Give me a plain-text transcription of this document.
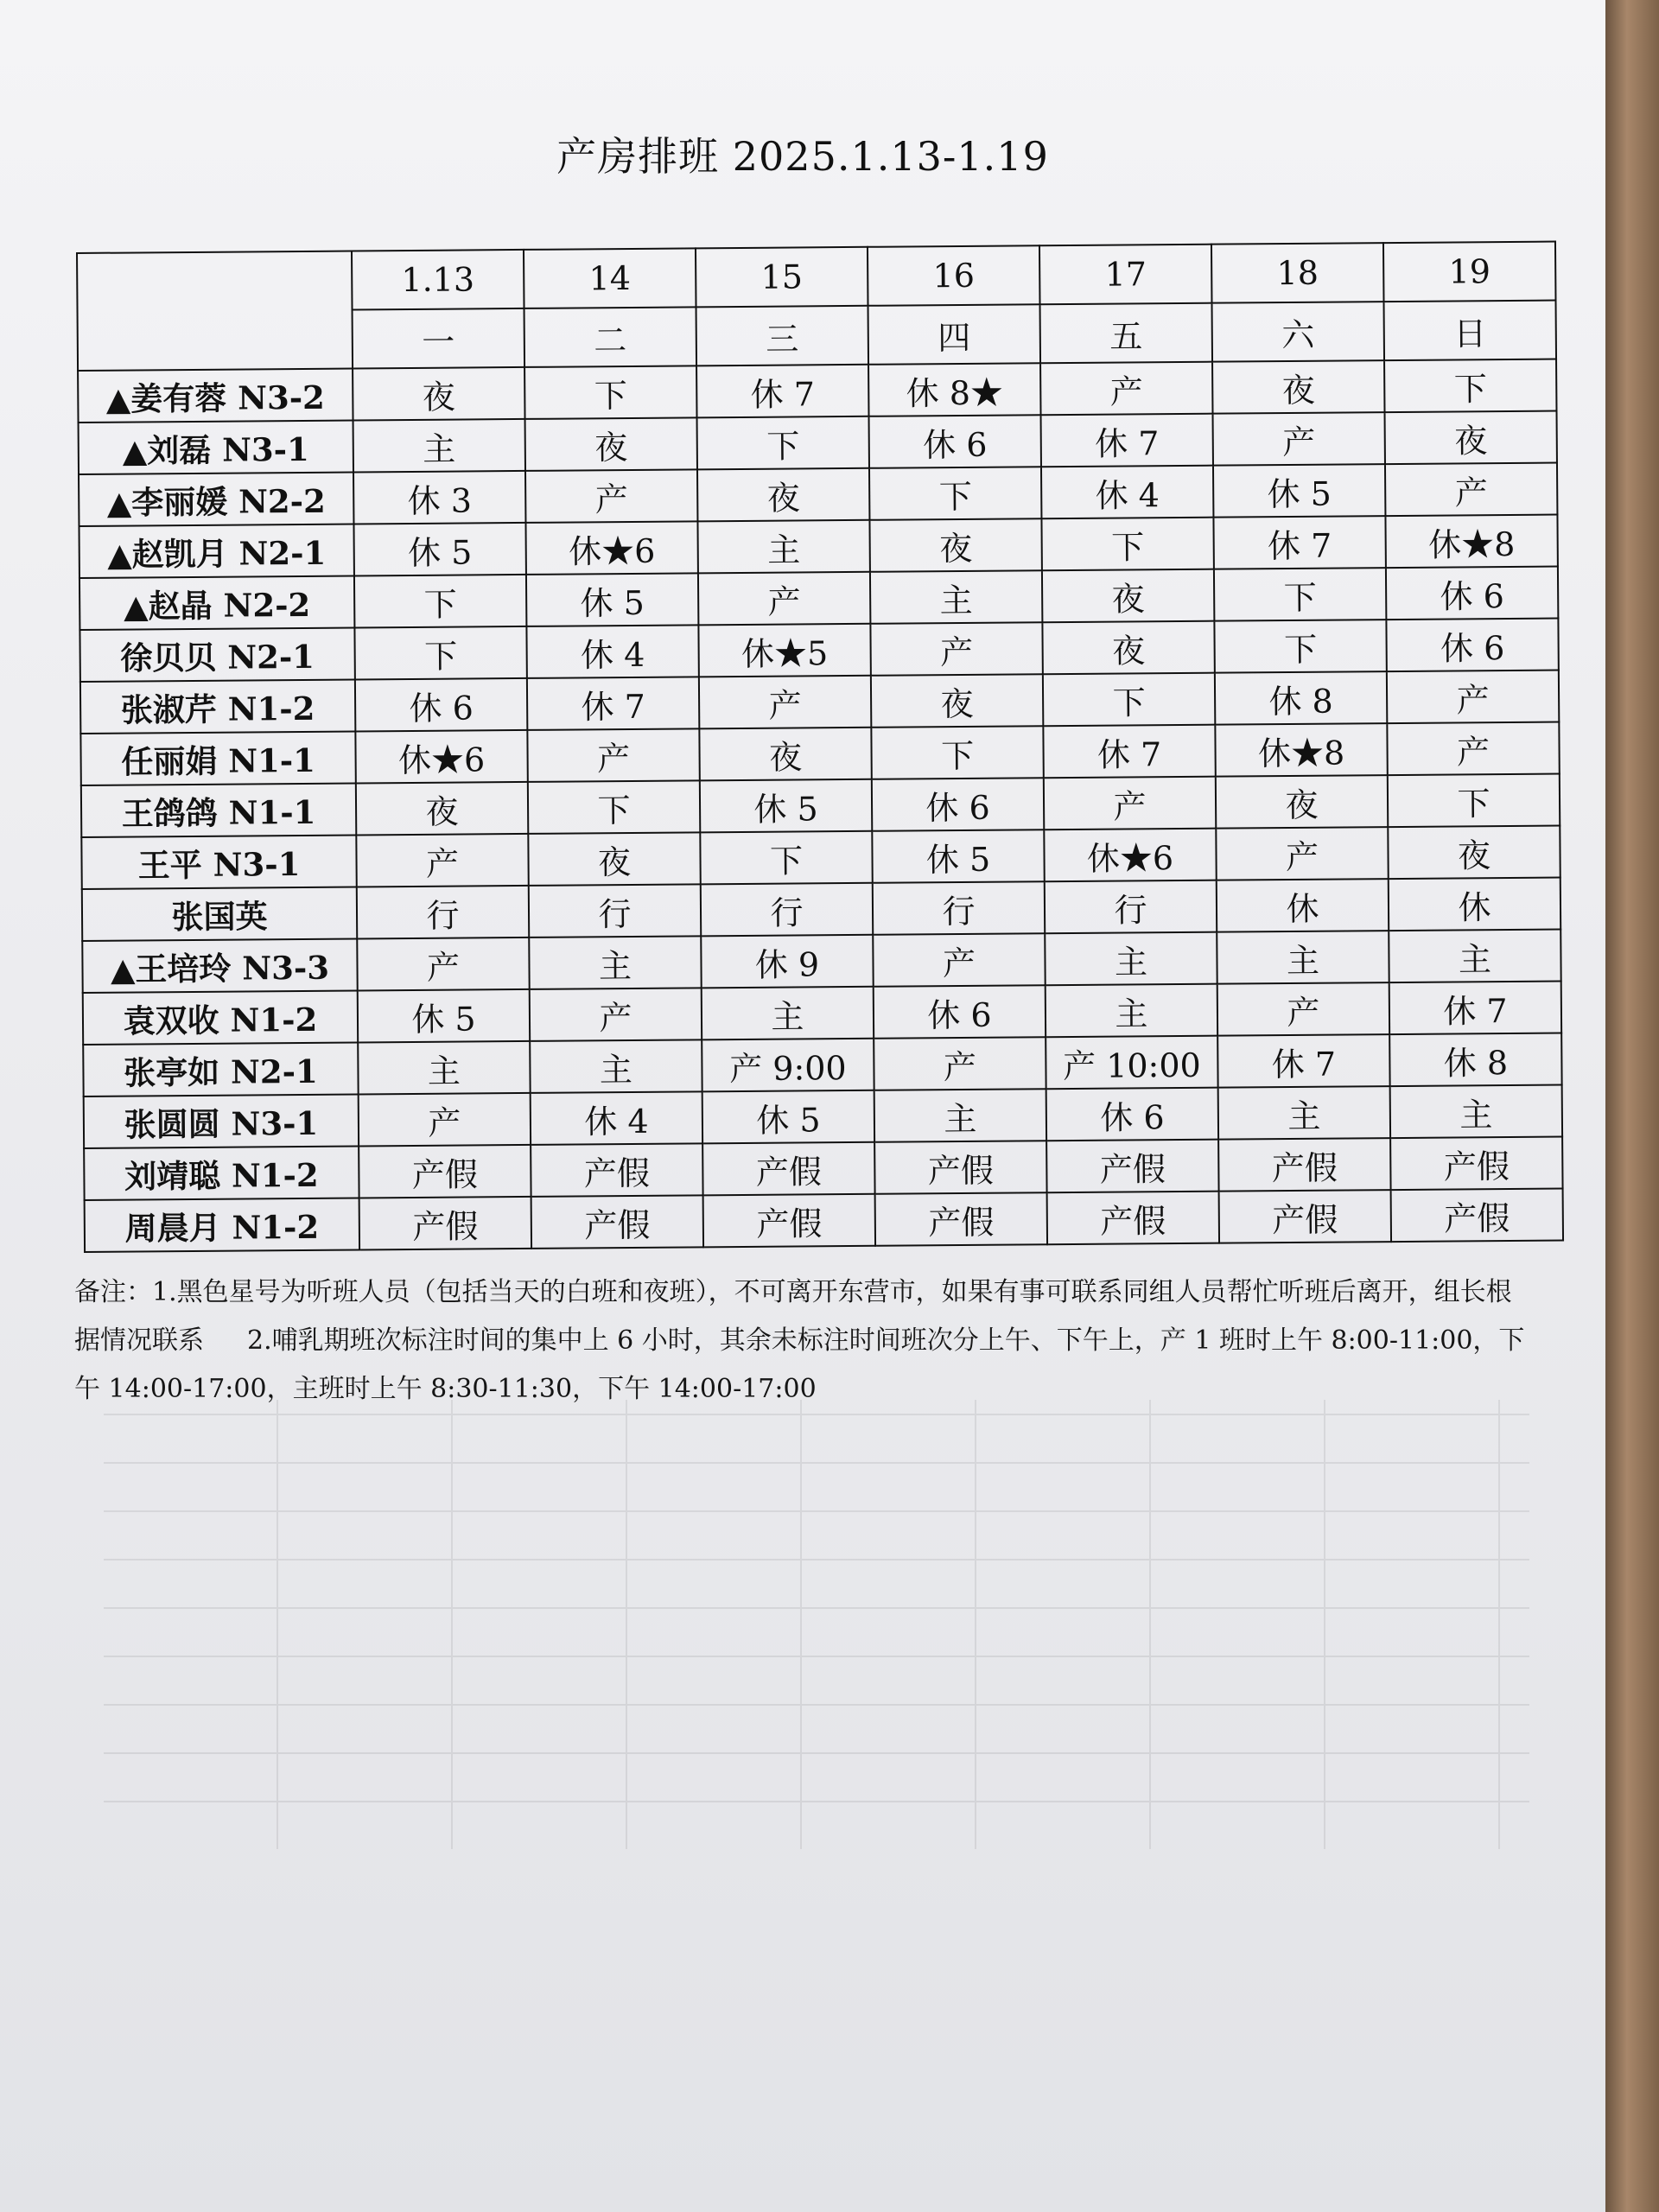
产房排班 2025.1.13-1.19
	1.13	14	15	16	17	18	19
	一	二	三	四	五	六	日
▲姜有蓉 N3-2	夜	下	休 7	休 8★	产	夜	下
▲刘磊 N3-1	主	夜	下	休 6	休 7	产	夜
▲李丽媛 N2-2	休 3	产	夜	下	休 4	休 5	产
▲赵凯月 N2-1	休 5	休★6	主	夜	下	休 7	休★8
▲赵晶 N2-2	下	休 5	产	主	夜	下	休 6
徐贝贝 N2-1	下	休 4	休★5	产	夜	下	休 6
张淑芹 N1-2	休 6	休 7	产	夜	下	休 8	产
任丽娟 N1-1	休★6	产	夜	下	休 7	休★8	产
王鸽鸽 N1-1	夜	下	休 5	休 6	产	夜	下
王平 N3-1	产	夜	下	休 5	休★6	产	夜
张国英	行	行	行	行	行	休	休
▲王培玲 N3-3	产	主	休 9	产	主	主	主
袁双收 N1-2	休 5	产	主	休 6	主	产	休 7
张亭如 N2-1	主	主	产 9:00	产	产 10:00	休 7	休 8
张圆圆 N3-1	产	休 4	休 5	主	休 6	主	主
刘靖聪 N1-2	产假	产假	产假	产假	产假	产假	产假
周晨月 N1-2	产假	产假	产假	产假	产假	产假	产假
备注：1.黑色星号为听班人员（包括当天的白班和夜班），不可离开东营市，如果有事可联系同组人员帮忙听班后离开，组长根据情况联系 2.哺乳期班次标注时间的集中上 6 小时，其余未标注时间班次分上午、下午上，产 1 班时上午 8:00-11:00，下午 14:00-17:00，主班时上午 8:30-11:30，下午 14:00-17:00
